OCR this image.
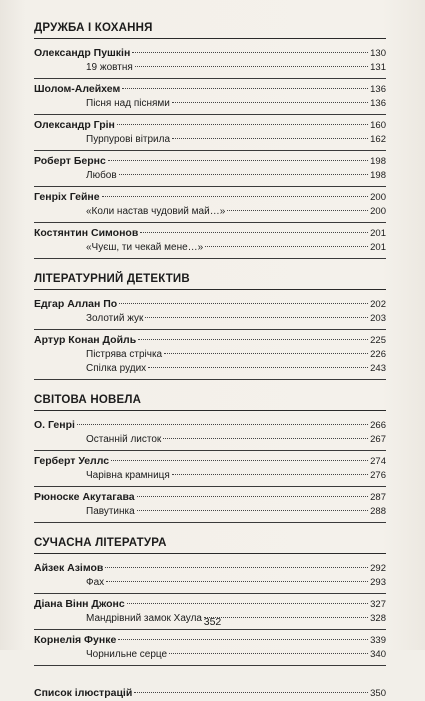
ДРУЖБА І КОХАННЯ
Олександр Пушкін	130
19 жовтня	131
Шолом-Алейхем	136
Пісня над піснями	136
Олександр Грін	160
Пурпурові вітрила	162
Роберт Бернс	198
Любов	198
Генріх Гейне	200
«Коли настав чудовий май…»	200
Костянтин Симонов	201
«Чуєш, ти чекай мене…»	201
ЛІТЕРАТУРНИЙ ДЕТЕКТИВ
Едгар Аллан По	202
Золотий жук	203
Артур Конан Дойль	225
Пістрява стрічка	226
Спілка рудих	243
СВІТОВА НОВЕЛА
О. Генрі	266
Останній листок	267
Герберт Уеллс	274
Чарівна крамниця	276
Рюноске Акутагава	287
Павутинка	288
СУЧАСНА ЛІТЕРАТУРА
Айзек Азімов	292
Фах	293
Діана Вінн Джонс	327
Мандрівний замок Хаула	328
Корнелія Функе	339
Чорнильне серце	340
Список ілюстрацій	350
352
